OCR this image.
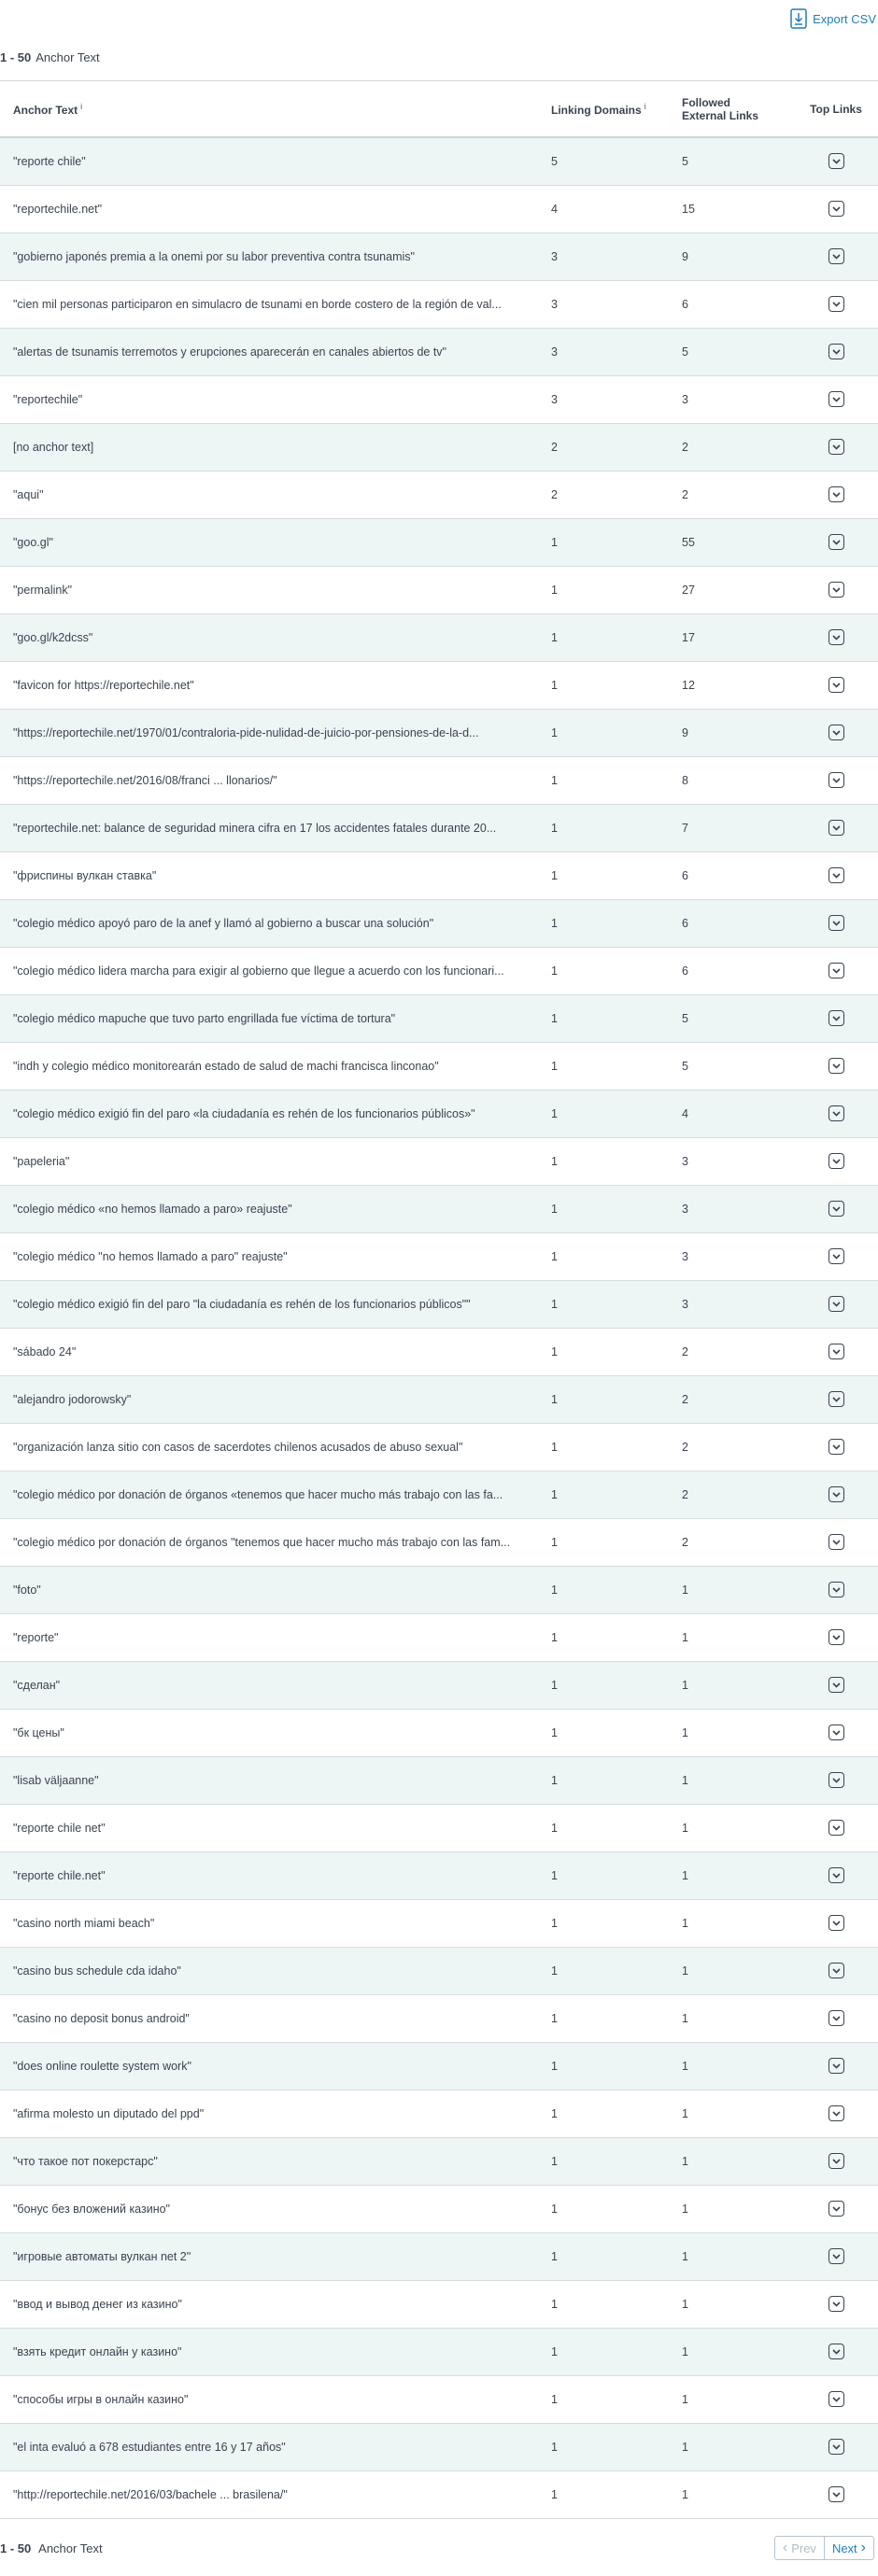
Export CSV
1 - 50 Anchor Text
Anchor Text $^i$	Linking Domains $^i$	Followed
External Links	Top Links
"reporte chile"	5	5	

"reportechile.net"	4	15	

"gobierno japonés premia a la onemi por su labor preventiva contra tsunamis"	3	9	

"cien mil personas participaron en simulacro de tsunami en borde costero de la región de val...	3	6	

"alertas de tsunamis terremotos y erupciones aparecerán en canales abiertos de tv"	3	5	

"reportechile"	3	3	

[no anchor text]	2	2	

"aqui"	2	2	

"goo.gl"	1	55	

"permalink"	1	27	

"goo.gl/k2dcss"	1	17	

"favicon for https://reportechile.net"	1	12	

"https://reportechile.net/1970/01/contraloria-pide-nulidad-de-juicio-por-pensiones-de-la-d...	1	9	

"https://reportechile.net/2016/08/franci ... llonarios/"	1	8	

"reportechile.net: balance de seguridad minera cifra en 17 los accidentes fatales durante 20...	1	7	

"фриспины вулкан ставка"	1	6	

"colegio médico apoyó paro de la anef y llamó al gobierno a buscar una solución"	1	6	

"colegio médico lidera marcha para exigir al gobierno que llegue a acuerdo con los funcionari...	1	6	

"colegio médico mapuche que tuvo parto engrillada fue víctima de tortura"	1	5	

"indh y colegio médico monitorearán estado de salud de machi francisca linconao"	1	5	

"colegio médico exigió fin del paro «la ciudadanía es rehén de los funcionarios públicos»"	1	4	

"papeleria"	1	3	

"colegio médico «no hemos llamado a paro» reajuste"	1	3	

"colegio médico "no hemos llamado a paro" reajuste"	1	3	

"colegio médico exigió fin del paro "la ciudadanía es rehén de los funcionarios públicos""	1	3	

"sábado 24"	1	2	

"alejandro jodorowsky"	1	2	

"organización lanza sitio con casos de sacerdotes chilenos acusados de abuso sexual"	1	2	

"colegio médico por donación de órganos «tenemos que hacer mucho más trabajo con las fa...	1	2	

"colegio médico por donación de órganos "tenemos que hacer mucho más trabajo con las fam...	1	2	

"foto"	1	1	

"reporte"	1	1	

"сделан"	1	1	

"бк цены"	1	1	

"lisab väljaanne"	1	1	

"reporte chile net"	1	1	

"reporte chile.net"	1	1	

"casino north miami beach"	1	1	

"casino bus schedule cda idaho"	1	1	

"casino no deposit bonus android"	1	1	

"does online roulette system work"	1	1	

"afirma molesto un diputado del ppd"	1	1	

"что такое пот покерстарс"	1	1	

"бонус без вложений казино"	1	1	

"игровые автоматы вулкан net 2"	1	1	

"ввод и вывод денег из казино"	1	1	

"взять кредит онлайн у казино"	1	1	

"способы игры в онлайн казино"	1	1	

"el inta evaluó a 678 estudiantes entre 16 y 17 años"	1	1	

"http://reportechile.net/2016/03/bachele ... brasilena/"	1	1	
1 - 50 Anchor Text	‹ Prev Next ›
